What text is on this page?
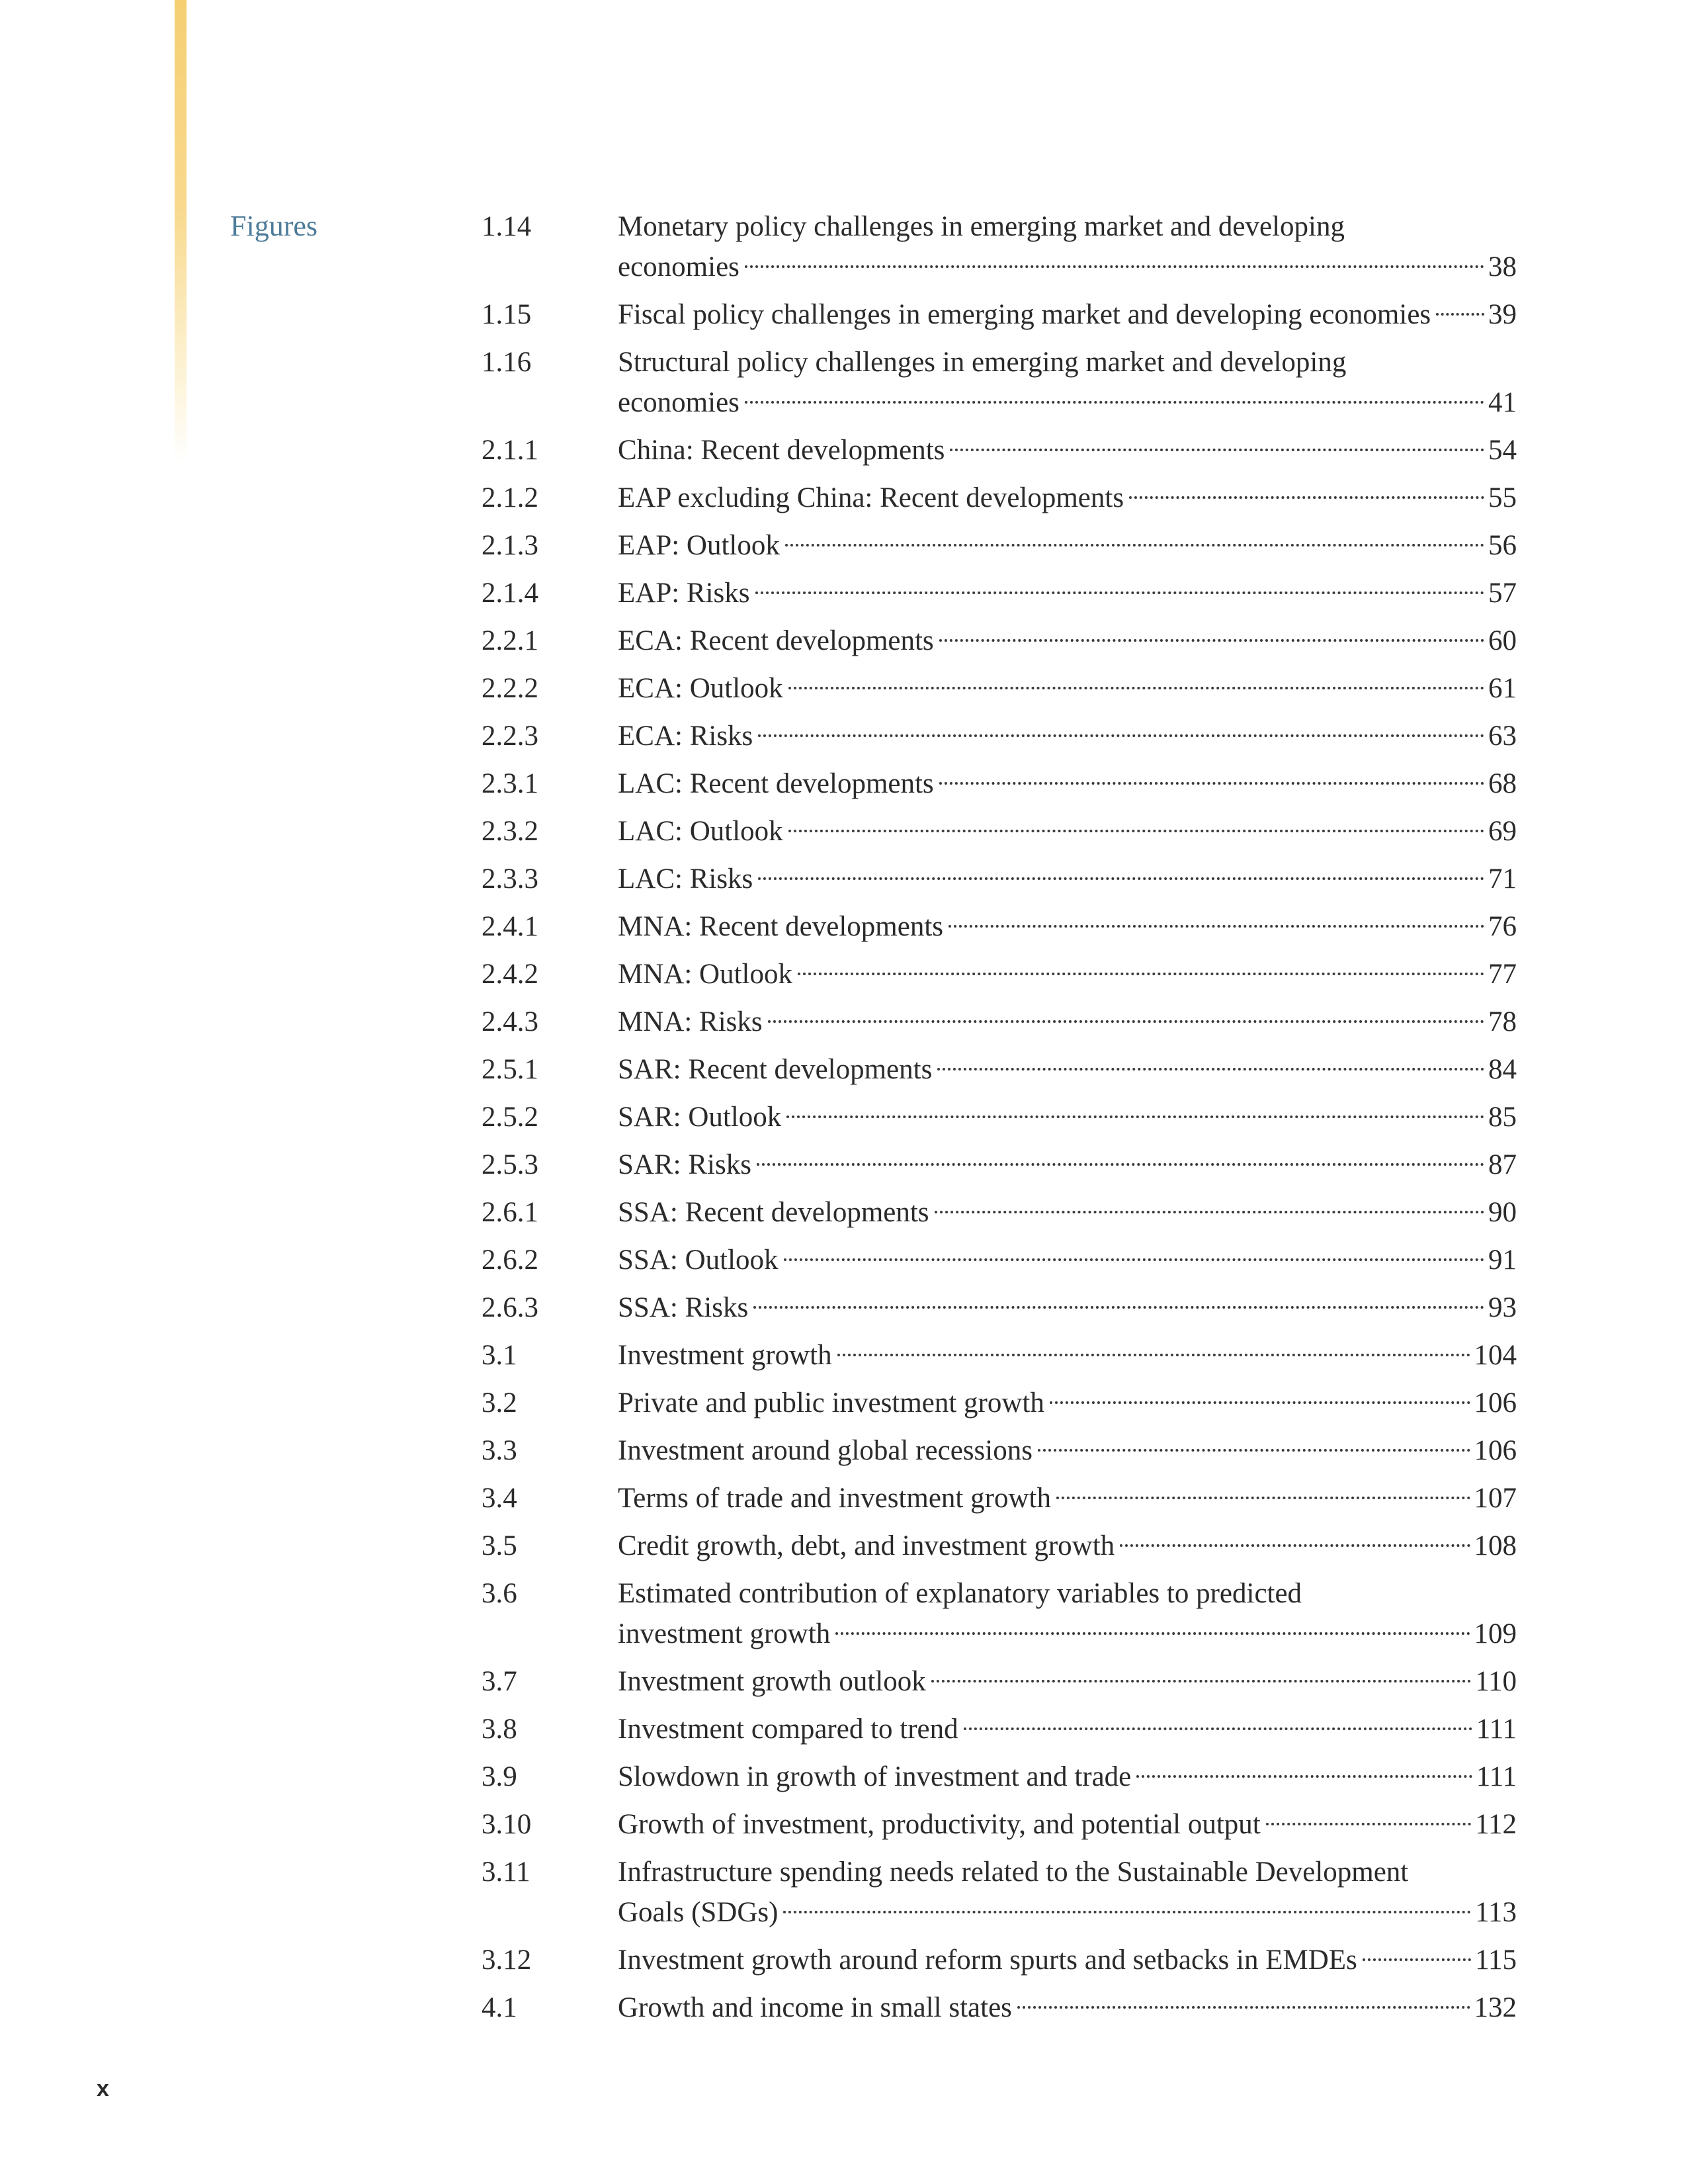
Figures	1.14	Monetary policy challenges in emerging market and developing
economies	38
1.15	Fiscal policy challenges in emerging market and developing economies 39
1.16	Structural policy challenges in emerging market and developing
economies	41
2.1.1	China: Recent developments	54
2.1.2	EAP excluding China: Recent developments	55
2.1.3	EAP: Outlook	56
2.1.4	EAP: Risks	57
2.2.1	ECA: Recent developments	60
2.2.2	ECA: Outlook	61
2.2.3	ECA: Risks	63
2.3.1	LAC: Recent developments	68
2.3.2	LAC: Outlook	69
2.3.3	LAC: Risks	71
2.4.1	MNA: Recent developments	76
2.4.2	MNA: Outlook	77
2.4.3	MNA: Risks	78
2.5.1	SAR: Recent developments	84
2.5.2	SAR: Outlook	85
2.5.3	SAR: Risks	87
2.6.1	SSA: Recent developments	90
2.6.2	SSA: Outlook	91
2.6.3	SSA: Risks	93
3.1	Investment growth	104
3.2	Private and public investment growth	106
3.3	Investment around global recessions	106
3.4	Terms of trade and investment growth	107
3.5	Credit growth, debt, and investment growth	108
3.6	Estimated contribution of explanatory variables to predicted
investment growth	109
3.7	Investment growth outlook	110
3.8	Investment compared to trend	111
3.9	Slowdown in growth of investment and trade	111
3.10	Growth of investment, productivity, and potential output	112
3.11	Infrastructure spending needs related to the Sustainable Development
Goals (SDGs)	113
3.12	Investment growth around reform spurts and setbacks in EMDEs	115
4.1	Growth and income in small states	132
x
